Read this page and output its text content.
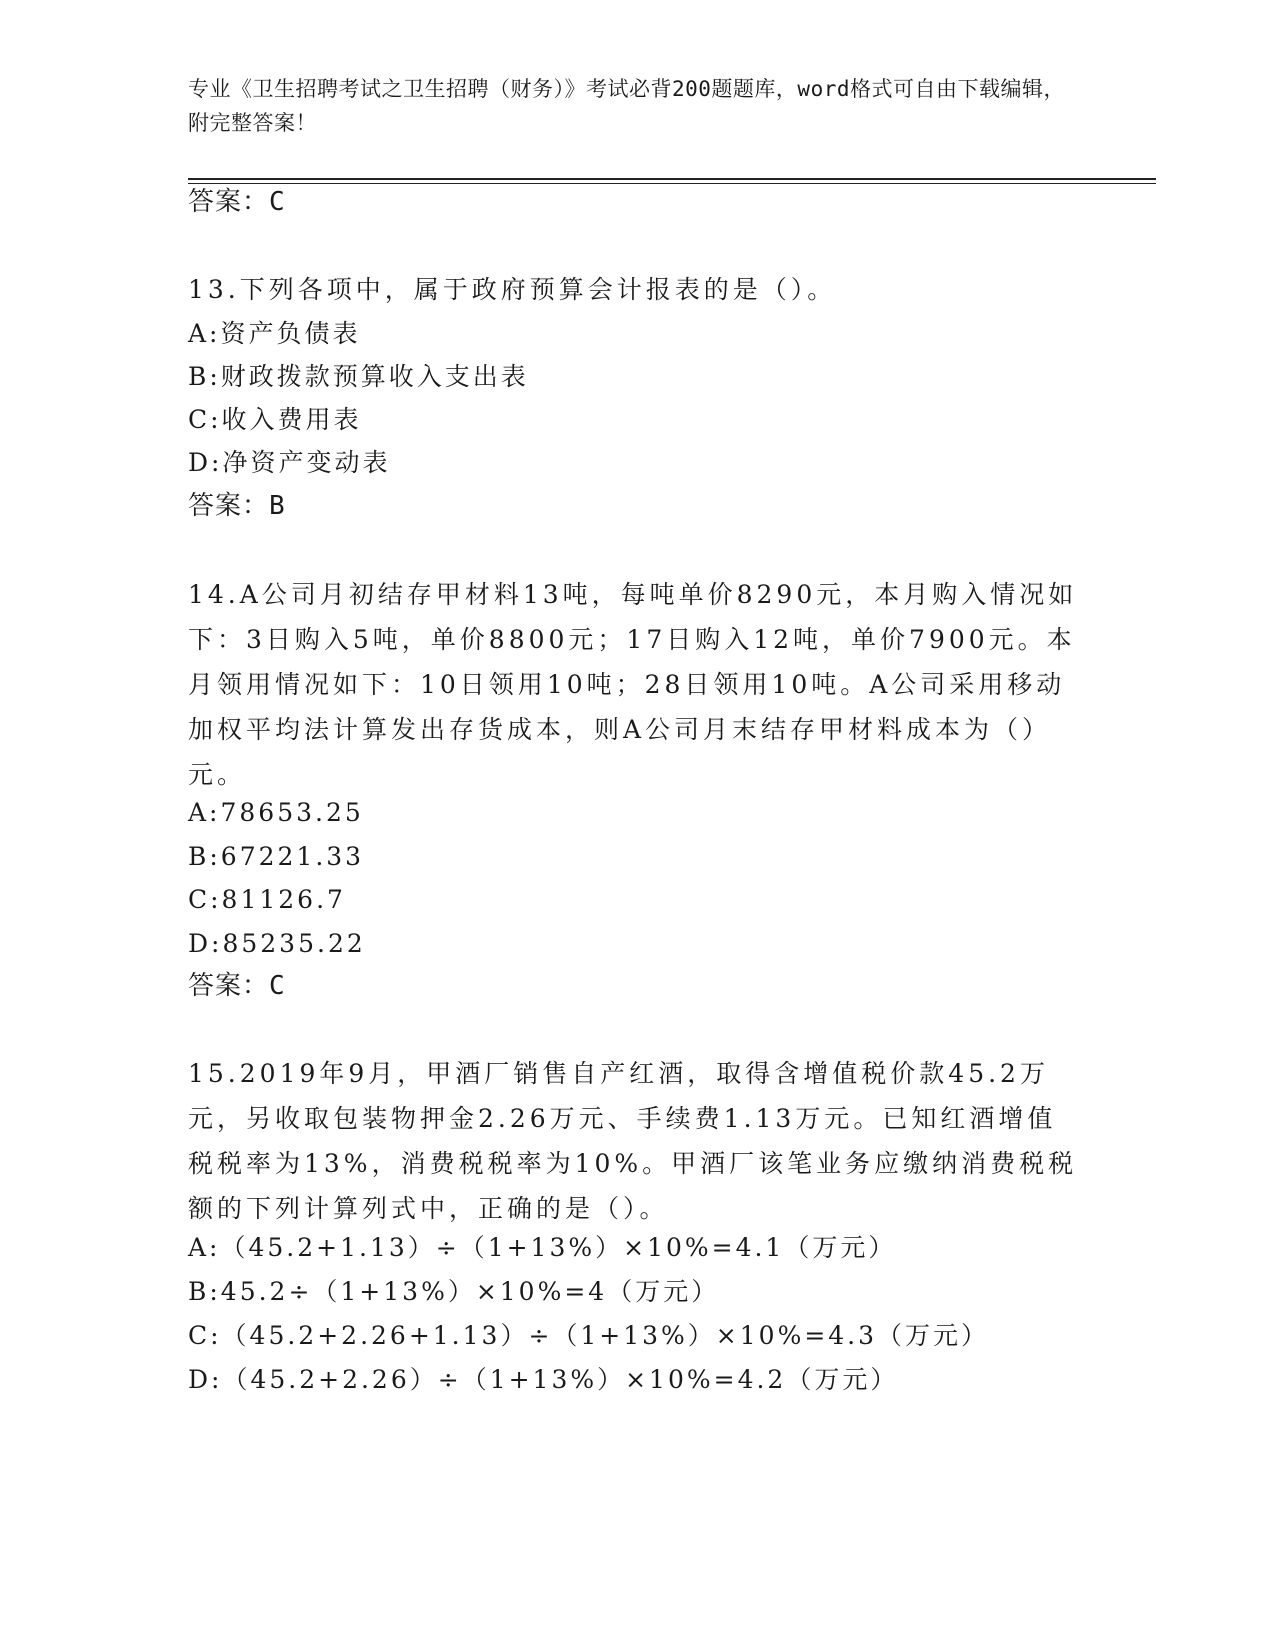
专业《卫生招聘考试之卫生招聘（财务）》考试必背200题题库，word格式可自由下载编辑，附完整答案！
答案：C
13.下列各项中，属于政府预算会计报表的是（）。
A:资产负债表
B:财政拨款预算收入支出表
C:收入费用表
D:净资产变动表
答案：B
14.A公司月初结存甲材料13吨，每吨单价8290元，本月购入情况如下：3日购入5吨，单价8800元；17日购入12吨，单价7900元。本月领用情况如下：10日领用10吨；28日领用10吨。A公司采用移动加权平均法计算发出存货成本，则A公司月末结存甲材料成本为（）元。
A:78653.25
B:67221.33
C:81126.7
D:85235.22
答案：C
15.2019年9月，甲酒厂销售自产红酒，取得含增值税价款45.2万元，另收取包装物押金2.26万元、手续费1.13万元。已知红酒增值税税率为13%，消费税税率为10%。甲酒厂该笔业务应缴纳消费税税额的下列计算列式中，正确的是（）。
A:（45.2+1.13）÷（1+13%）×10%=4.1（万元）
B:45.2÷（1+13%）×10%=4（万元）
C:（45.2+2.26+1.13）÷（1+13%）×10%=4.3（万元）
D:（45.2+2.26）÷（1+13%）×10%=4.2（万元）
